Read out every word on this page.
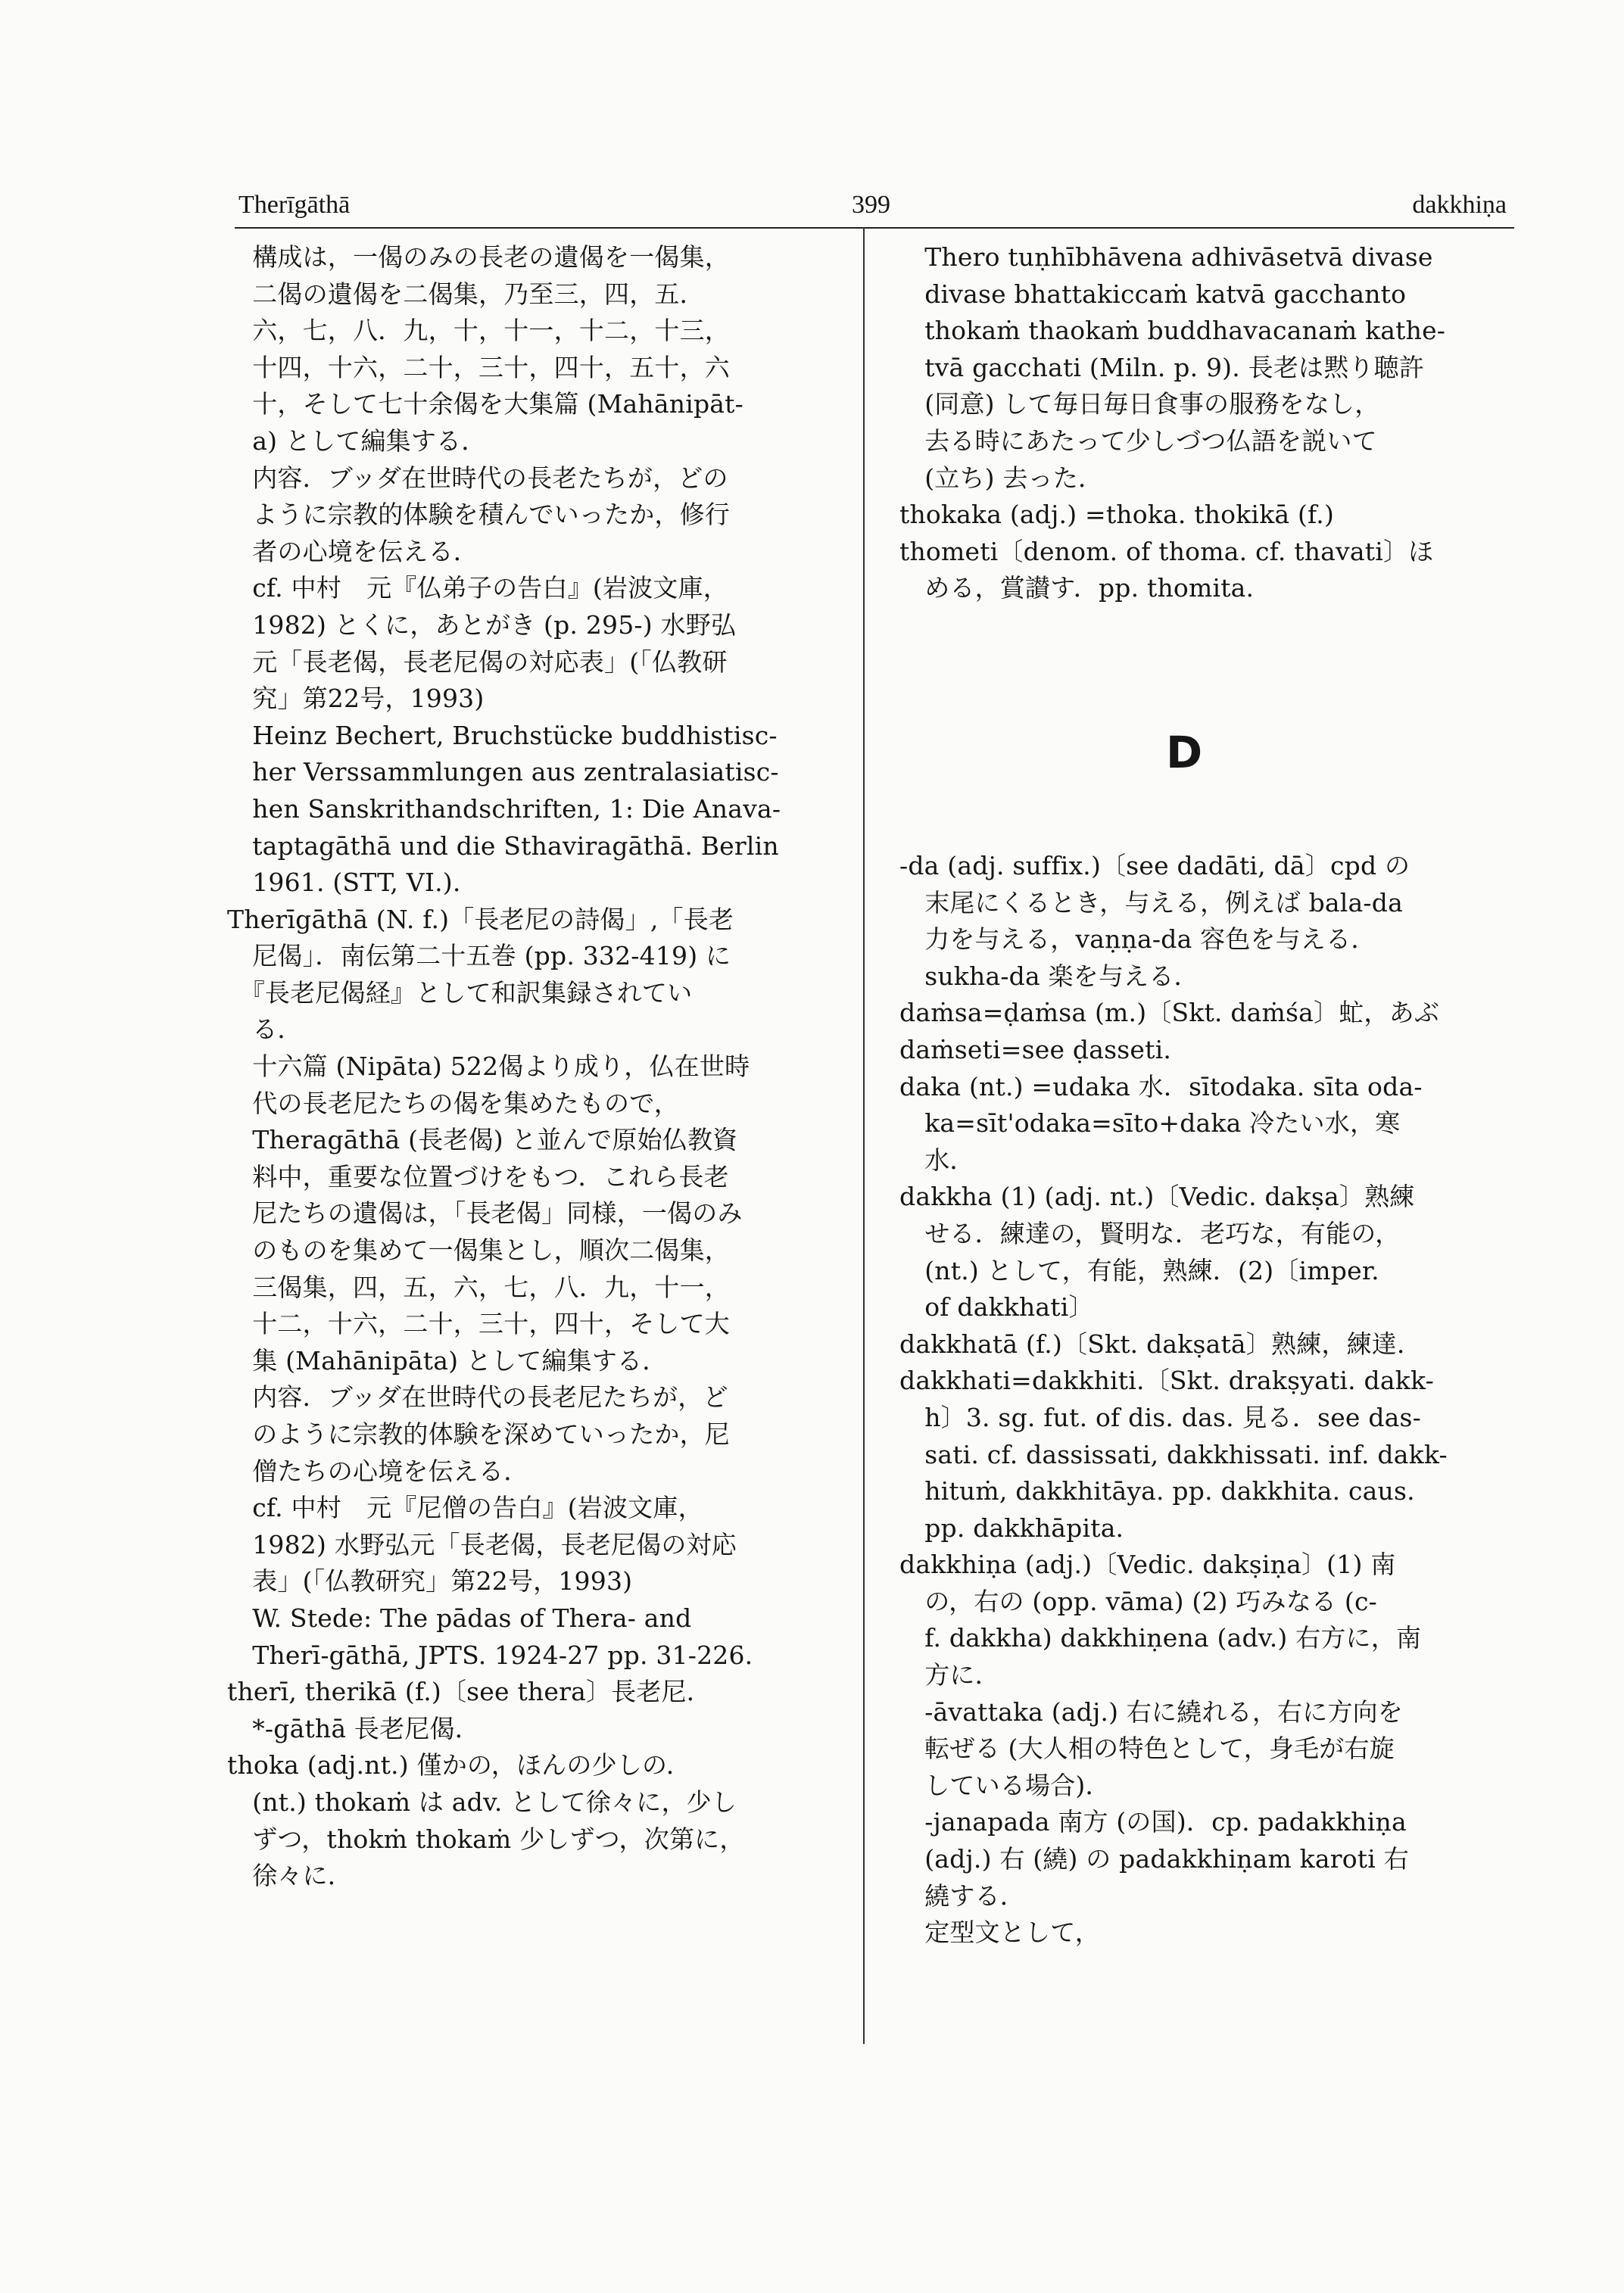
Therīgāthā	399	dakkhiṇa
　構成は，一偈のみの長老の遺偈を一偈集，
　二偈の遺偈を二偈集，乃至三，四，五．
　六，七，八．九，十，十一，十二，十三，
　十四，十六，二十，三十，四十，五十，六
　十，そして七十余偈を大集篇 (Mahānipāt-
　a) として編集する．
　内容．ブッダ在世時代の長老たちが，どの
　ように宗教的体験を積んでいったか，修行
　者の心境を伝える．
　cf. 中村　元『仏弟子の告白』(岩波文庫，
　1982) とくに，あとがき (p. 295-) 水野弘
　元「長老偈，長老尼偈の対応表」(「仏教研
　究」第22号，1993)
　Heinz Bechert, Bruchstücke buddhistisc-
　her Verssammlungen aus zentralasiatisc-
　hen Sanskrithandschriften, 1: Die Anava-
　taptagāthā und die Sthaviragāthā. Berlin
　1961. (STT, VI.).
Therīgāthā (N. f.)「長老尼の詩偈」,「長老
　尼偈」．南伝第二十五巻 (pp. 332-419) に
　『長老尼偈経』として和訳集録されてい
　る．
　十六篇 (Nipāta) 522偈より成り，仏在世時
　代の長老尼たちの偈を集めたもので，
　Theragāthā (長老偈) と並んで原始仏教資
　料中，重要な位置づけをもつ．これら長老
　尼たちの遺偈は，「長老偈」同様，一偈のみ
　のものを集めて一偈集とし，順次二偈集，
　三偈集，四，五，六，七，八．九，十一，
　十二，十六，二十，三十，四十，そして大
　集 (Mahānipāta) として編集する．
　内容．ブッダ在世時代の長老尼たちが，ど
　のように宗教的体験を深めていったか，尼
　僧たちの心境を伝える．
　cf. 中村　元『尼僧の告白』(岩波文庫，
　1982) 水野弘元「長老偈，長老尼偈の対応
　表」(「仏教研究」第22号，1993)
　W. Stede: The pādas of Thera- and
　Therī-gāthā, JPTS. 1924-27 pp. 31-226.
therī, therikā (f.)〔see thera〕長老尼．
　*-gāthā 長老尼偈．
thoka (adj.nt.) 僅かの，ほんの少しの．
　(nt.) thokaṁ は adv. として徐々に，少し
　ずつ，thokṁ thokaṁ 少しずつ，次第に，
　徐々に．
　Thero tuṇhībhāvena adhivāsetvā divase
　divase bhattakiccaṁ katvā gacchanto
　thokaṁ thaokaṁ buddhavacanaṁ kathe-
　tvā gacchati (Miln. p. 9). 長老は黙り聴許
　(同意) して毎日毎日食事の服務をなし，
　去る時にあたって少しづつ仏語を説いて
　(立ち) 去った．
thokaka (adj.) =thoka. thokikā (f.)
thometi〔denom. of thoma. cf. thavati〕ほ
　める，賞讃す．pp. thomita.
D
-da (adj. suffix.)〔see dadāti, dā〕cpd の
　末尾にくるとき，与える，例えば bala-da
　力を与える，vaṇṇa-da 容色を与える．
　sukha-da 楽を与える．
daṁsa=ḍaṁsa (m.)〔Skt. daṁśa〕虻，あぶ
daṁseti=see ḍasseti.
daka (nt.) =udaka 水．sītodaka. sīta oda-
　ka=sīt'odaka=sīto+daka 冷たい水，寒
　水．
dakkha (1) (adj. nt.)〔Vedic. dakṣa〕熟練
　せる．練達の，賢明な．老巧な，有能の，
　(nt.) として，有能，熟練．(2)〔imper.
　of dakkhati〕
dakkhatā (f.)〔Skt. dakṣatā〕熟練，練達．
dakkhati=dakkhiti.〔Skt. drakṣyati. dakk-
　h〕3. sg. fut. of dis. das. 見る．see das-
　sati. cf. dassissati, dakkhissati. inf. dakk-
　hituṁ, dakkhitāya. pp. dakkhita. caus.
　pp. dakkhāpita.
dakkhiṇa (adj.)〔Vedic. dakṣiṇa〕(1) 南
　の，右の (opp. vāma) (2) 巧みなる (c-
　f. dakkha) dakkhiṇena (adv.) 右方に，南
　方に．
　-āvattaka (adj.) 右に繞れる，右に方向を
　転ぜる (大人相の特色として，身毛が右旋
　している場合)．
　-janapada 南方 (の国)．cp. padakkhiṇa
　(adj.) 右 (繞) の padakkhiṇam karoti 右
　繞する．
　定型文として，
